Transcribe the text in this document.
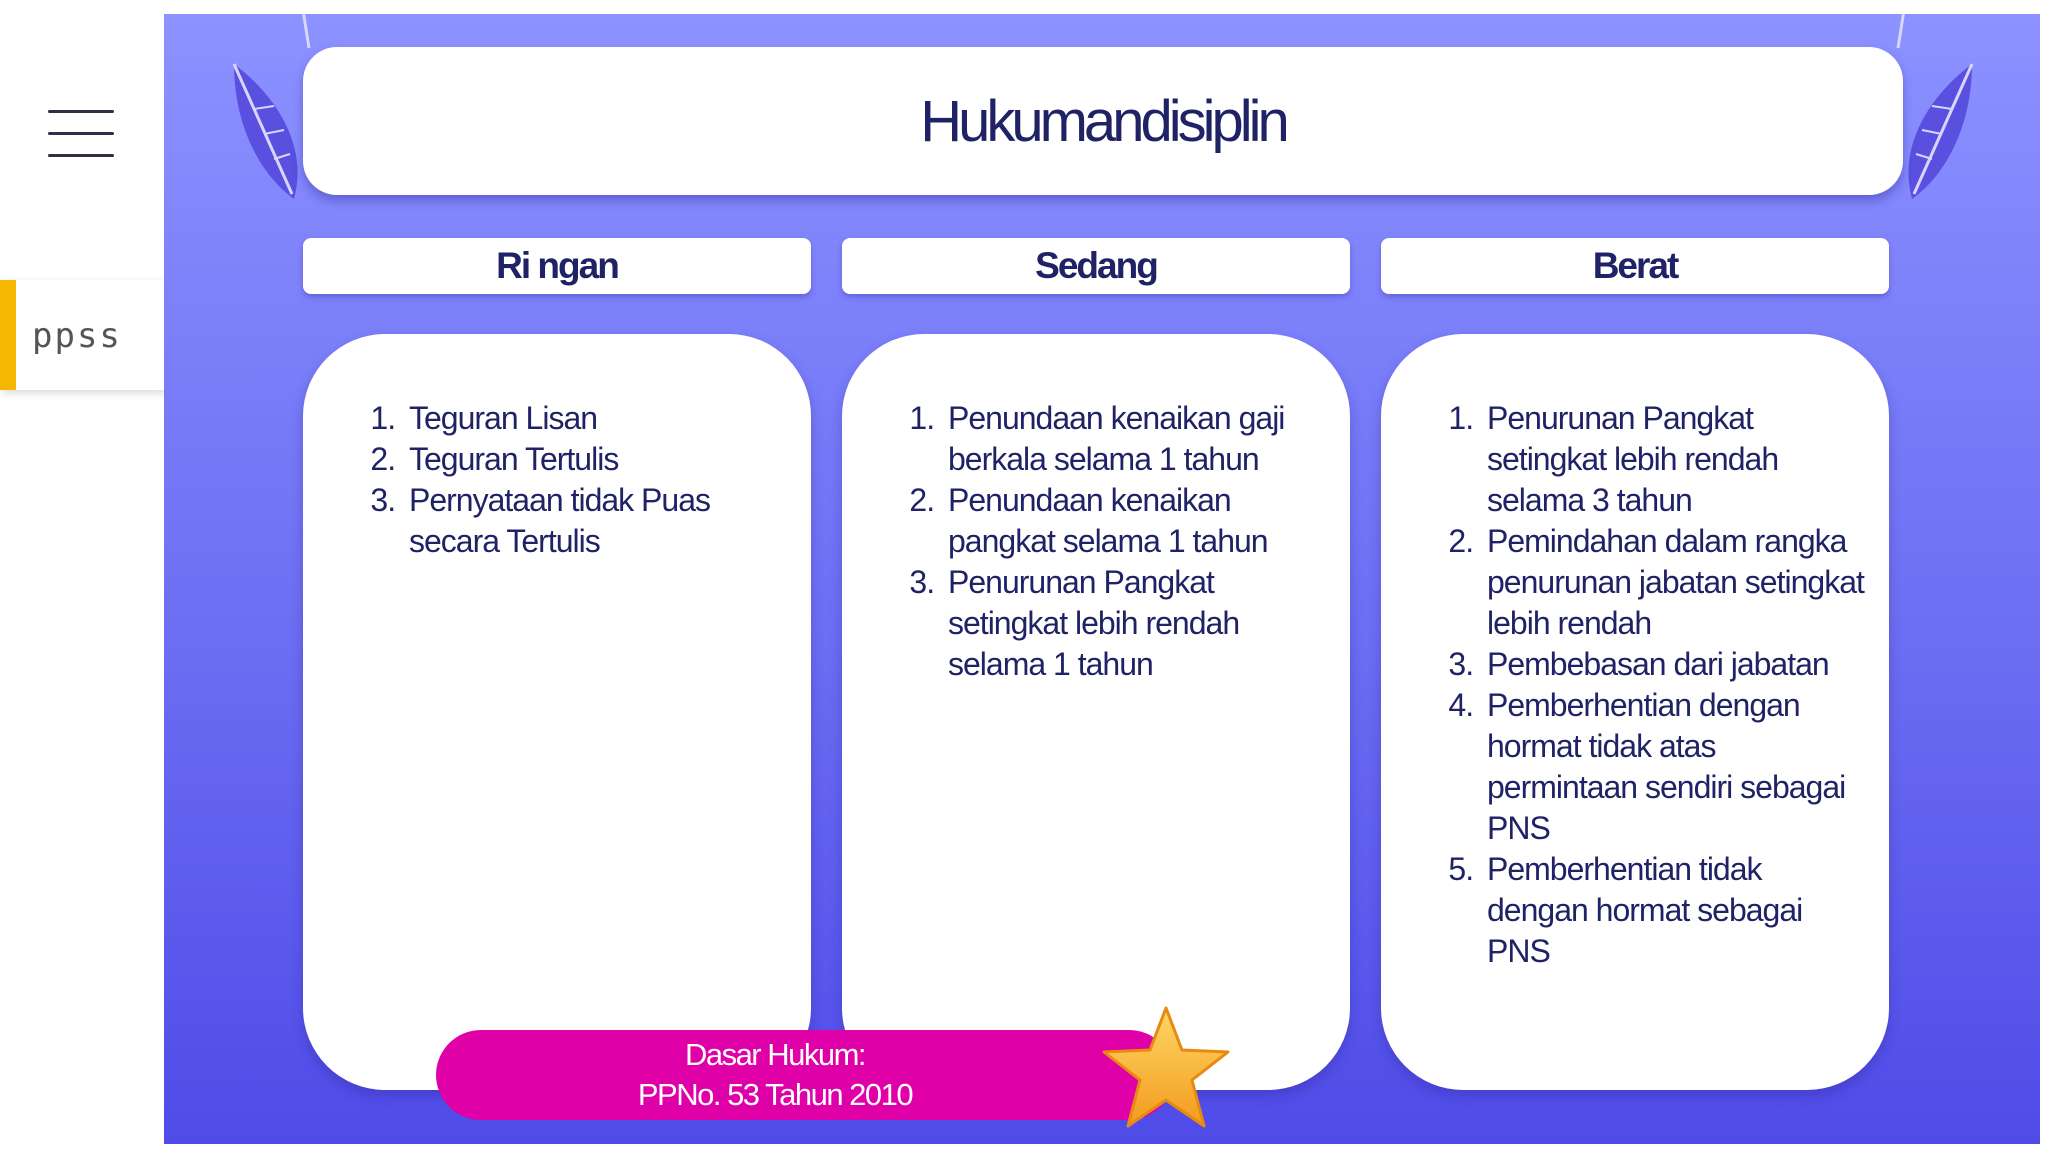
ppss
Hukumandisiplin
Ri ngan	Sedang	Berat
1. Teguran Lisan
2. Teguran Tertulis
3. Pernyataan tidak Puas secara Tertulis
1. Penundaan kenaikan gaji berkala selama 1 tahun
2. Penundaan kenaikan pangkat selama 1 tahun
3. Penurunan Pangkat setingkat lebih rendah selama 1 tahun
1. Penurunan Pangkat setingkat lebih rendah selama 3 tahun
2. Pemindahan dalam rangka penurunan jabatan setingkat lebih rendah
3. Pembebasan dari jabatan
4. Pemberhentian dengan hormat tidak atas permintaan sendiri sebagai PNS
5. Pemberhentian tidak dengan hormat sebagai PNS
Dasar Hukum:
PPNo. 53 Tahun 2010
